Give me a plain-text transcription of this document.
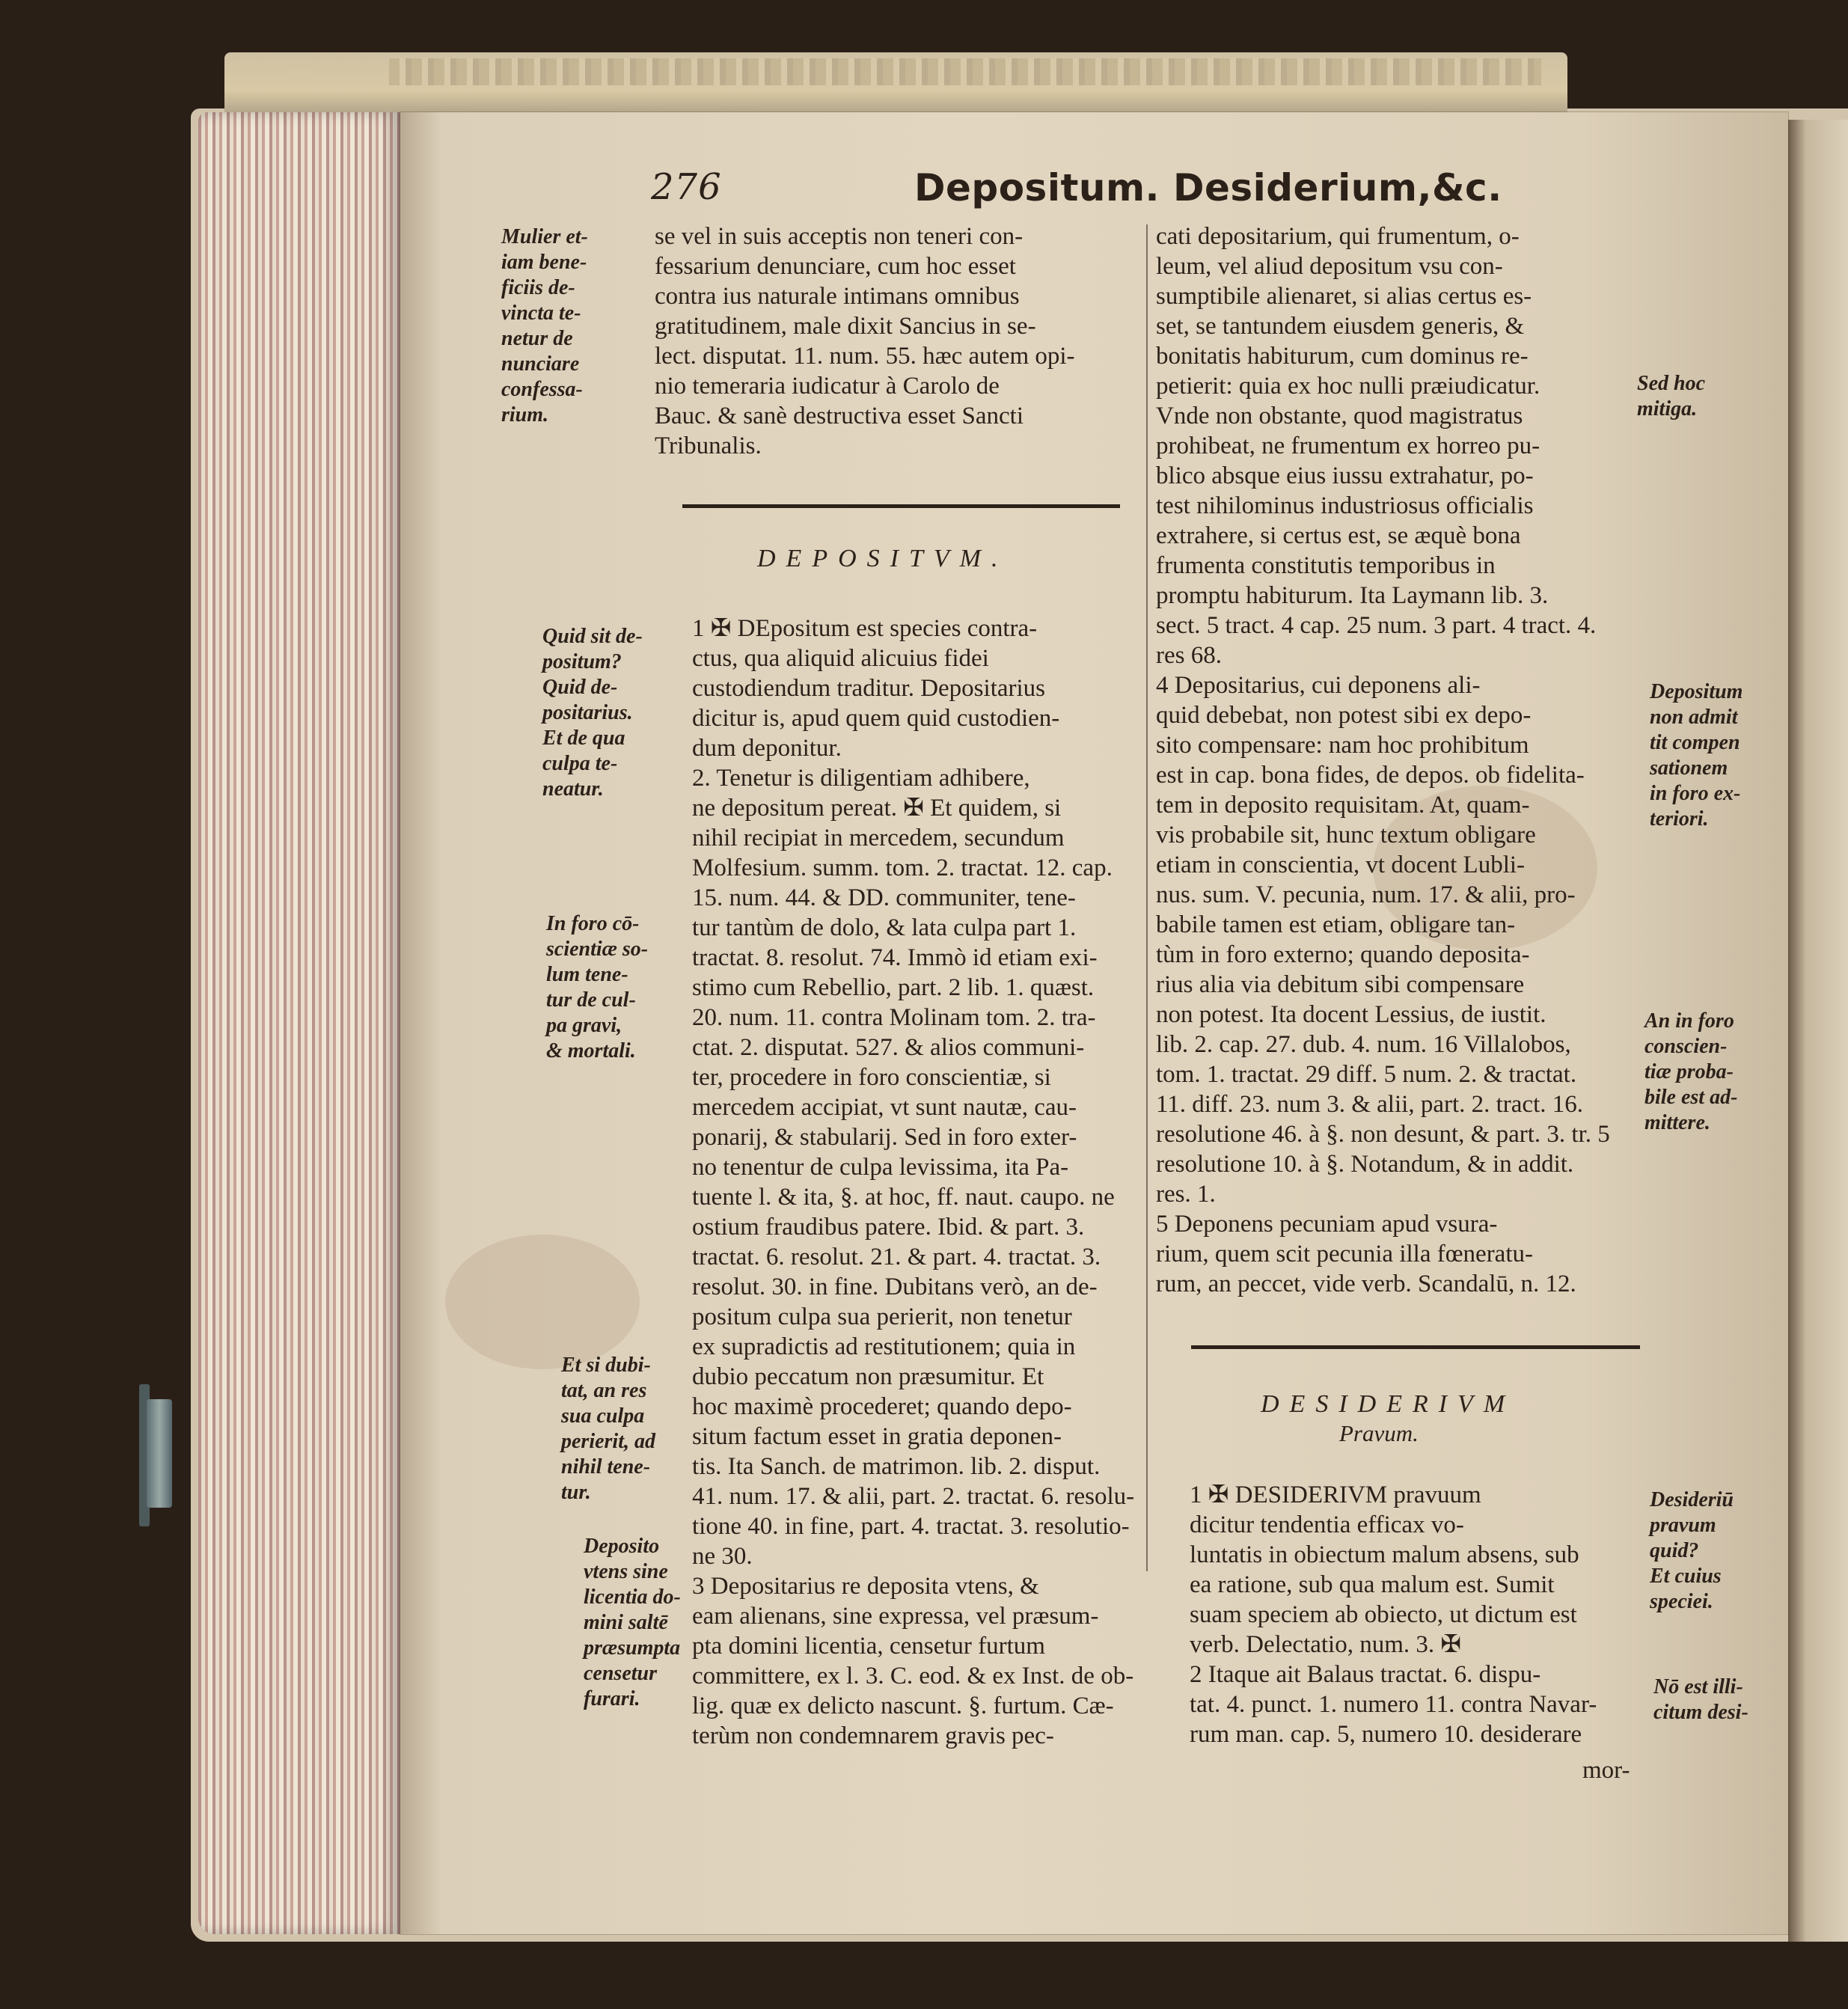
276	Depositum. Desiderium,&c.

Mulier et-

iam bene-

ficiis de-

vincta te-

netur de

nunciare

confessa-

rium.

Quid sit de-

positum?

Quid de-

positarius.

Et de qua

culpa te-

neatur.

In foro cō-

scientiæ so-

lum tene-

tur de cul-

pa gravi,

& mortali.

Et si dubi-

tat, an res

sua culpa

perierit, ad

nihil tene-

tur.

Deposito

vtens sine

licentia do-

mini saltē

præsumpta

censetur

furari.

se vel in suis acceptis non teneri con-

fessarium denunciare, cum hoc esset

contra ius naturale intimans omnibus

gratitudinem, male dixit Sancius in se-

lect. disputat. 11. num. 55. hæc autem opi-

nio temeraria iudicatur à Carolo de

Bauc. & sanè destructiva esset Sancti

Tribunalis.

DEPOSITVM.

1 ✠ DEpositum est species contra-

ctus, qua aliquid alicuius fidei

custodiendum traditur. Depositarius

dicitur is, apud quem quid custodien-

dum deponitur.

2. Tenetur is diligentiam adhibere,

ne depositum pereat. ✠ Et quidem, si

nihil recipiat in mercedem, secundum

Molfesium. summ. tom. 2. tractat. 12. cap.

15. num. 44. & DD. communiter, tene-

tur tantùm de dolo, & lata culpa part 1.

tractat. 8. resolut. 74. Immò id etiam exi-

stimo cum Rebellio, part. 2 lib. 1. quæst.

20. num. 11. contra Molinam tom. 2. tra-

ctat. 2. disputat. 527. & alios communi-

ter, procedere in foro conscientiæ, si

mercedem accipiat, vt sunt nautæ, cau-

ponarij, & stabularij. Sed in foro exter-

no tenentur de culpa levissima, ita Pa-

tuente l. & ita, §. at hoc, ff. naut. caupo. ne

ostium fraudibus patere. Ibid. & part. 3.

tractat. 6. resolut. 21. & part. 4. tractat. 3.

resolut. 30. in fine. Dubitans verò, an de-

positum culpa sua perierit, non tenetur

ex supradictis ad restitutionem; quia in

dubio peccatum non præsumitur. Et

hoc maximè procederet; quando depo-

situm factum esset in gratia deponen-

tis. Ita Sanch. de matrimon. lib. 2. disput.

41. num. 17. & alii, part. 2. tractat. 6. resolu-

tione 40. in fine, part. 4. tractat. 3. resolutio-

ne 30.

3 Depositarius re deposita vtens, &

eam alienans, sine expressa, vel præsum-

pta domini licentia, censetur furtum

committere, ex l. 3. C. eod. & ex Inst. de ob-

lig. quæ ex delicto nascunt. §. furtum. Cæ-

terùm non condemnarem gravis pec-

cati depositarium, qui frumentum, o-

leum, vel aliud depositum vsu con-

sumptibile alienaret, si alias certus es-

set, se tantundem eiusdem generis, &

bonitatis habiturum, cum dominus re-

petierit: quia ex hoc nulli præiudicatur.

Vnde non obstante, quod magistratus

prohibeat, ne frumentum ex horreo pu-

blico absque eius iussu extrahatur, po-

test nihilominus industriosus officialis

extrahere, si certus est, se æquè bona

frumenta constitutis temporibus in

promptu habiturum. Ita Laymann lib. 3.

sect. 5 tract. 4 cap. 25 num. 3 part. 4 tract. 4.

res 68.

4 Depositarius, cui deponens ali-

quid debebat, non potest sibi ex depo-

sito compensare: nam hoc prohibitum

est in cap. bona fides, de depos. ob fidelita-

tem in deposito requisitam. At, quam-

vis probabile sit, hunc textum obligare

etiam in conscientia, vt docent Lubli-

nus. sum. V. pecunia, num. 17. & alii, pro-

babile tamen est etiam, obligare tan-

tùm in foro externo; quando deposita-

rius alia via debitum sibi compensare

non potest. Ita docent Lessius, de iustit.

lib. 2. cap. 27. dub. 4. num. 16 Villalobos,

tom. 1. tractat. 29 diff. 5 num. 2. & tractat.

11. diff. 23. num 3. & alii, part. 2. tract. 16.

resolutione 46. à §. non desunt, & part. 3. tr. 5

resolutione 10. à §. Notandum, & in addit.

res. 1.

5 Deponens pecuniam apud vsura-

rium, quem scit pecunia illa fœneratu-

rum, an peccet, vide verb. Scandalū, n. 12.

DESIDERIVM
Pravum.

1 ✠ DESIDERIVM pravuum

dicitur tendentia efficax vo-

luntatis in obiectum malum absens, sub

ea ratione, sub qua malum est. Sumit

suam speciem ab obiecto, ut dictum est

verb. Delectatio, num. 3. ✠

2 Itaque ait Balaus tractat. 6. dispu-

tat. 4. punct. 1. numero 11. contra Navar-

rum man. cap. 5, numero 10. desiderare

mor-

Sed hoc

mitiga.

Depositum

non admit

tit compen

sationem

in foro ex-

teriori.

An in foro

conscien-

tiæ proba-

bile est ad-

mittere.

Desideriū

pravum

quid?

Et cuius

speciei.

Nō est illi-

citum desi-
